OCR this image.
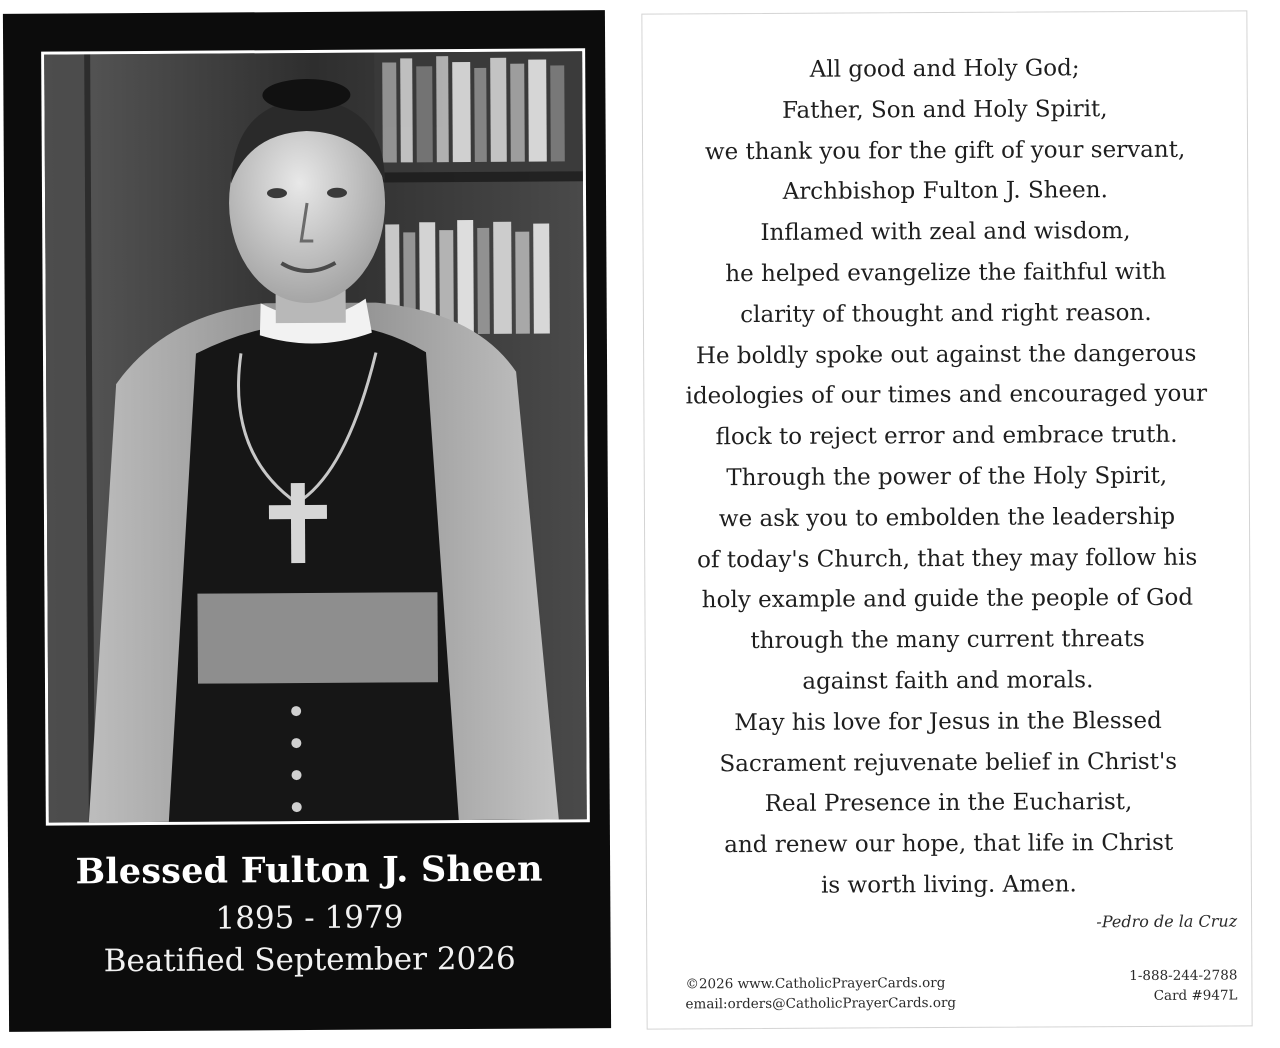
Blessed Fulton J. Sheen
1895 - 1979
Beatified September 2026
All good and Holy God;
Father, Son and Holy Spirit,
we thank you for the gift of your servant,
Archbishop Fulton J. Sheen.
Inflamed with zeal and wisdom,
he helped evangelize the faithful with
clarity of thought and right reason.
He boldly spoke out against the dangerous
ideologies of our times and encouraged your
flock to reject error and embrace truth.
Through the power of the Holy Spirit,
we ask you to embolden the leadership
of today's Church, that they may follow his
holy example and guide the people of God
through the many current threats
against faith and morals.
May his love for Jesus in the Blessed
Sacrament rejuvenate belief in Christ's
Real Presence in the Eucharist,
and renew our hope, that life in Christ
is worth living. Amen.
-Pedro de la Cruz
©2026 www.CatholicPrayerCards.org
email:orders@CatholicPrayerCards.org
1-888-244-2788
Card #947L
